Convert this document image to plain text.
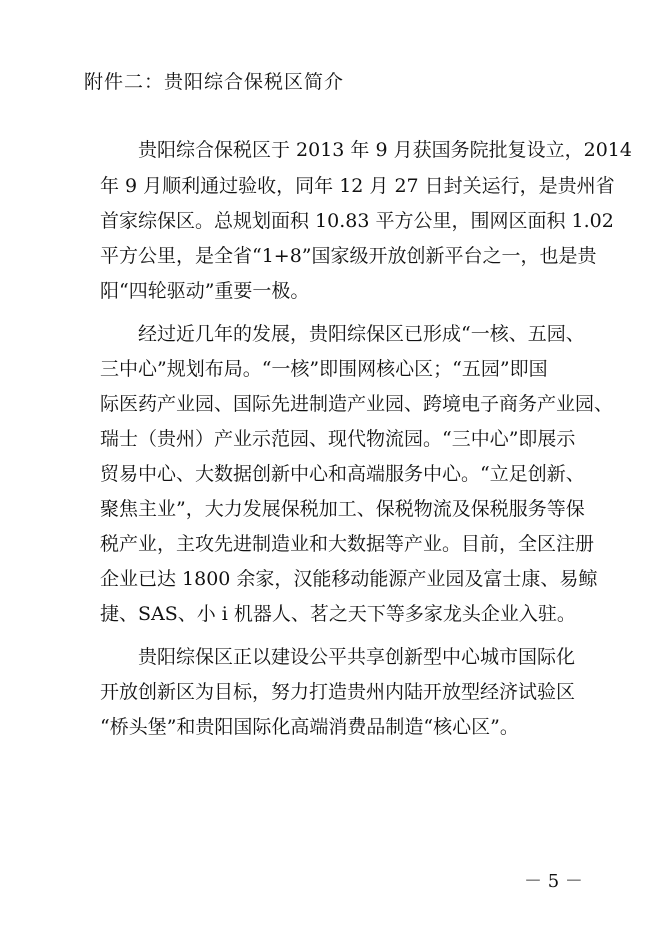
附件二：贵阳综合保税区简介
贵阳综合保税区于 2013 年 9 月获国务院批复设立，2014
年 9 月顺利通过验收，同年 12 月 27 日封关运行，是贵州省
首家综保区。总规划面积 10.83 平方公里，围网区面积 1.02
平方公里，是全省“1+8”国家级开放创新平台之一，也是贵
阳“四轮驱动”重要一极。
经过近几年的发展，贵阳综保区已形成“一核、五园、
三中心”规划布局。“一核”即围网核心区；“五园”即国
际医药产业园、国际先进制造产业园、跨境电子商务产业园、
瑞士（贵州）产业示范园、现代物流园。“三中心”即展示
贸易中心、大数据创新中心和高端服务中心。“立足创新、
聚焦主业”，大力发展保税加工、保税物流及保税服务等保
税产业，主攻先进制造业和大数据等产业。目前，全区注册
企业已达 1800 余家，汉能移动能源产业园及富士康、易鲸
捷、SAS、小 i 机器人、茗之天下等多家龙头企业入驻。
贵阳综保区正以建设公平共享创新型中心城市国际化
开放创新区为目标，努力打造贵州内陆开放型经济试验区
“桥头堡”和贵阳国际化高端消费品制造“核心区”。
－ 5 －
